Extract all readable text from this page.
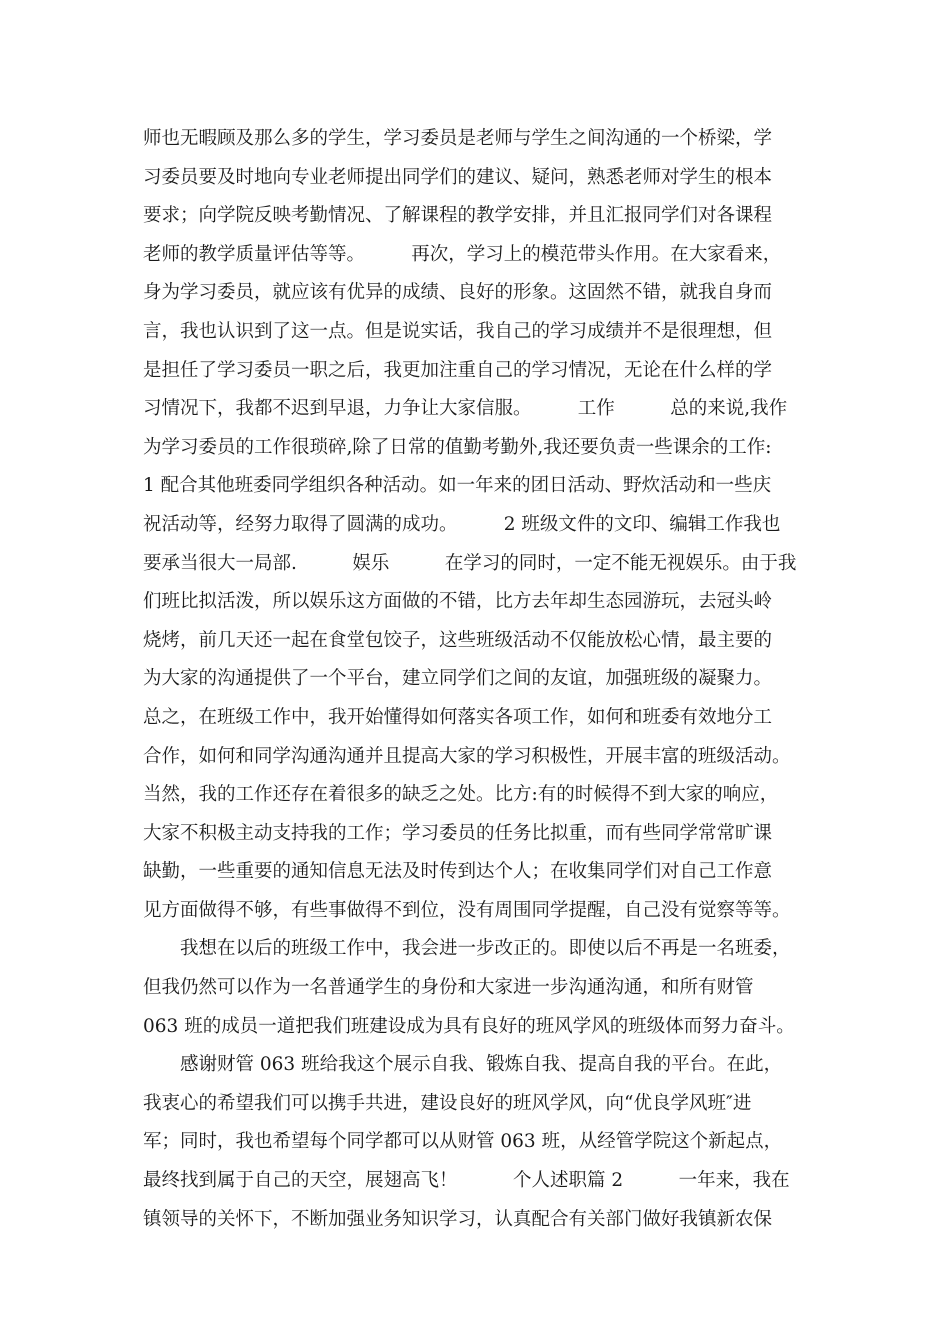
师也无暇顾及那么多的学生，学习委员是老师与学生之间沟通的一个桥梁，学
习委员要及时地向专业老师提出同学们的建议、疑问，熟悉老师对学生的根本
要求；向学院反映考勤情况、了解课程的教学安排，并且汇报同学们对各课程
老师的教学质量评估等等。　　　再次，学习上的模范带头作用。在大家看来，
身为学习委员，就应该有优异的成绩、良好的形象。这固然不错，就我自身而
言，我也认识到了这一点。但是说实话，我自己的学习成绩并不是很理想，但
是担任了学习委员一职之后，我更加注重自己的学习情况，无论在什么样的学
习情况下，我都不迟到早退，力争让大家信服。　　　工作　　　总的来说,我作
为学习委员的工作很琐碎,除了日常的值勤考勤外,我还要负责一些课余的工作:
1 配合其他班委同学组织各种活动。如一年来的团日活动、野炊活动和一些庆
祝活动等，经努力取得了圆满的成功。　　　2 班级文件的文印、编辑工作我也
要承当很大一局部.　　　娱乐　　　在学习的同时，一定不能无视娱乐。由于我
们班比拟活泼，所以娱乐这方面做的不错，比方去年却生态园游玩，去冠头岭
烧烤，前几天还一起在食堂包饺子，这些班级活动不仅能放松心情，最主要的
为大家的沟通提供了一个平台，建立同学们之间的友谊，加强班级的凝聚力。
总之，在班级工作中，我开始懂得如何落实各项工作，如何和班委有效地分工
合作，如何和同学沟通沟通并且提高大家的学习积极性，开展丰富的班级活动。
当然，我的工作还存在着很多的缺乏之处。比方:有的时候得不到大家的响应，
大家不积极主动支持我的工作；学习委员的任务比拟重，而有些同学常常旷课
缺勤，一些重要的通知信息无法及时传到达个人；在收集同学们对自己工作意
见方面做得不够，有些事做得不到位，没有周围同学提醒，自己没有觉察等等。
　　我想在以后的班级工作中，我会进一步改正的。即使以后不再是一名班委，
但我仍然可以作为一名普通学生的身份和大家进一步沟通沟通，和所有财管
063 班的成员一道把我们班建设成为具有良好的班风学风的班级体而努力奋斗。
　　感谢财管 063 班给我这个展示自我、锻炼自我、提高自我的平台。在此，
我衷心的希望我们可以携手共进，建设良好的班风学风，向“优良学风班″进
军；同时，我也希望每个同学都可以从财管 063 班，从经管学院这个新起点，
最终找到属于自己的天空，展翅高飞！　　　个人述职篇 2　　　一年来，我在
镇领导的关怀下，不断加强业务知识学习，认真配合有关部门做好我镇新农保
